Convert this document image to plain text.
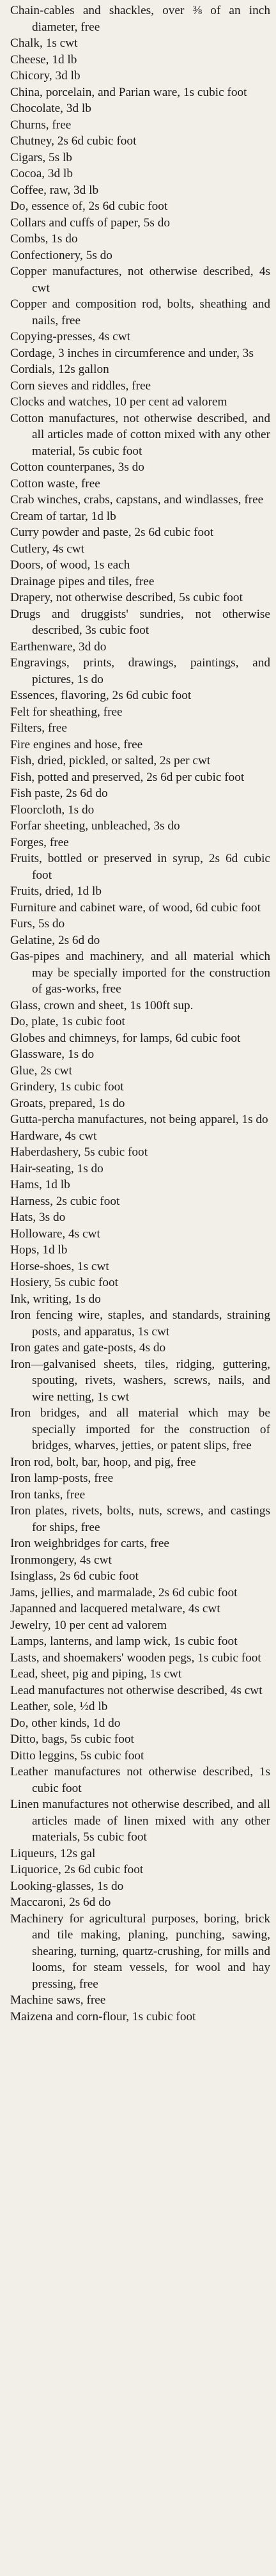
Chain-cables and shackles, over ⅜ of an inch diameter, free

Chalk, 1s cwt

Cheese, 1d lb

Chicory, 3d lb

China, porcelain, and Parian ware, 1s cubic foot

Chocolate, 3d lb

Churns, free

Chutney, 2s 6d cubic foot

Cigars, 5s lb

Cocoa, 3d lb

Coffee, raw, 3d lb

Do, essence of, 2s 6d cubic foot

Collars and cuffs of paper, 5s do

Combs, 1s do

Confectionery, 5s do

Copper manufactures, not otherwise described, 4s cwt

Copper and composition rod, bolts, sheathing and nails, free

Copying-presses, 4s cwt

Cordage, 3 inches in circumference and under, 3s

Cordials, 12s gallon

Corn sieves and riddles, free

Clocks and watches, 10 per cent ad valorem

Cotton manufactures, not otherwise described, and all articles made of cotton mixed with any other material, 5s cubic foot

Cotton counterpanes, 3s do

Cotton waste, free

Crab winches, crabs, capstans, and windlasses, free

Cream of tartar, 1d lb

Curry powder and paste, 2s 6d cubic foot

Cutlery, 4s cwt

Doors, of wood, 1s each

Drainage pipes and tiles, free

Drapery, not otherwise described, 5s cubic foot

Drugs and druggists' sundries, not otherwise described, 3s cubic foot

Earthenware, 3d do

Engravings, prints, drawings, paintings, and pictures, 1s do

Essences, flavoring, 2s 6d cubic foot

Felt for sheathing, free

Filters, free

Fire engines and hose, free

Fish, dried, pickled, or salted, 2s per cwt

Fish, potted and preserved, 2s 6d per cubic foot

Fish paste, 2s 6d do

Floorcloth, 1s do

Forfar sheeting, unbleached, 3s do

Forges, free

Fruits, bottled or preserved in syrup, 2s 6d cubic foot

Fruits, dried, 1d lb

Furniture and cabinet ware, of wood, 6d cubic foot

Furs, 5s do

Gelatine, 2s 6d do

Gas-pipes and machinery, and all material which may be specially imported for the construction of gas-works, free

Glass, crown and sheet, 1s 100ft sup.

Do, plate, 1s cubic foot

Globes and chimneys, for lamps, 6d cubic foot

Glassware, 1s do

Glue, 2s cwt

Grindery, 1s cubic foot

Groats, prepared, 1s do

Gutta-percha manufactures, not being apparel, 1s do

Hardware, 4s cwt

Haberdashery, 5s cubic foot

Hair-seating, 1s do

Hams, 1d lb

Harness, 2s cubic foot

Hats, 3s do

Holloware, 4s cwt

Hops, 1d lb

Horse-shoes, 1s cwt

Hosiery, 5s cubic foot

Ink, writing, 1s do

Iron fencing wire, staples, and standards, straining posts, and apparatus, 1s cwt

Iron gates and gate-posts, 4s do

Iron—galvanised sheets, tiles, ridging, guttering, spouting, rivets, washers, screws, nails, and wire netting, 1s cwt

Iron bridges, and all material which may be specially imported for the construction of bridges, wharves, jetties, or patent slips, free

Iron rod, bolt, bar, hoop, and pig, free

Iron lamp-posts, free

Iron tanks, free

Iron plates, rivets, bolts, nuts, screws, and castings for ships, free

Iron weighbridges for carts, free

Ironmongery, 4s cwt

Isinglass, 2s 6d cubic foot

Jams, jellies, and marmalade, 2s 6d cubic foot

Japanned and lacquered metalware, 4s cwt

Jewelry, 10 per cent ad valorem

Lamps, lanterns, and lamp wick, 1s cubic foot

Lasts, and shoemakers' wooden pegs, 1s cubic foot

Lead, sheet, pig and piping, 1s cwt

Lead manufactures not otherwise described, 4s cwt

Leather, sole, ½d lb

Do, other kinds, 1d do

Ditto, bags, 5s cubic foot

Ditto leggins, 5s cubic foot

Leather manufactures not otherwise described, 1s cubic foot

Linen manufactures not otherwise described, and all articles made of linen mixed with any other materials, 5s cubic foot

Liqueurs, 12s gal

Liquorice, 2s 6d cubic foot

Looking-glasses, 1s do

Maccaroni, 2s 6d do

Machinery for agricultural purposes, boring, brick and tile making, planing, punching, sawing, shearing, turning, quartz-crushing, for mills and looms, for steam vessels, for wool and hay pressing, free

Machine saws, free

Maizena and corn-flour, 1s cubic foot
